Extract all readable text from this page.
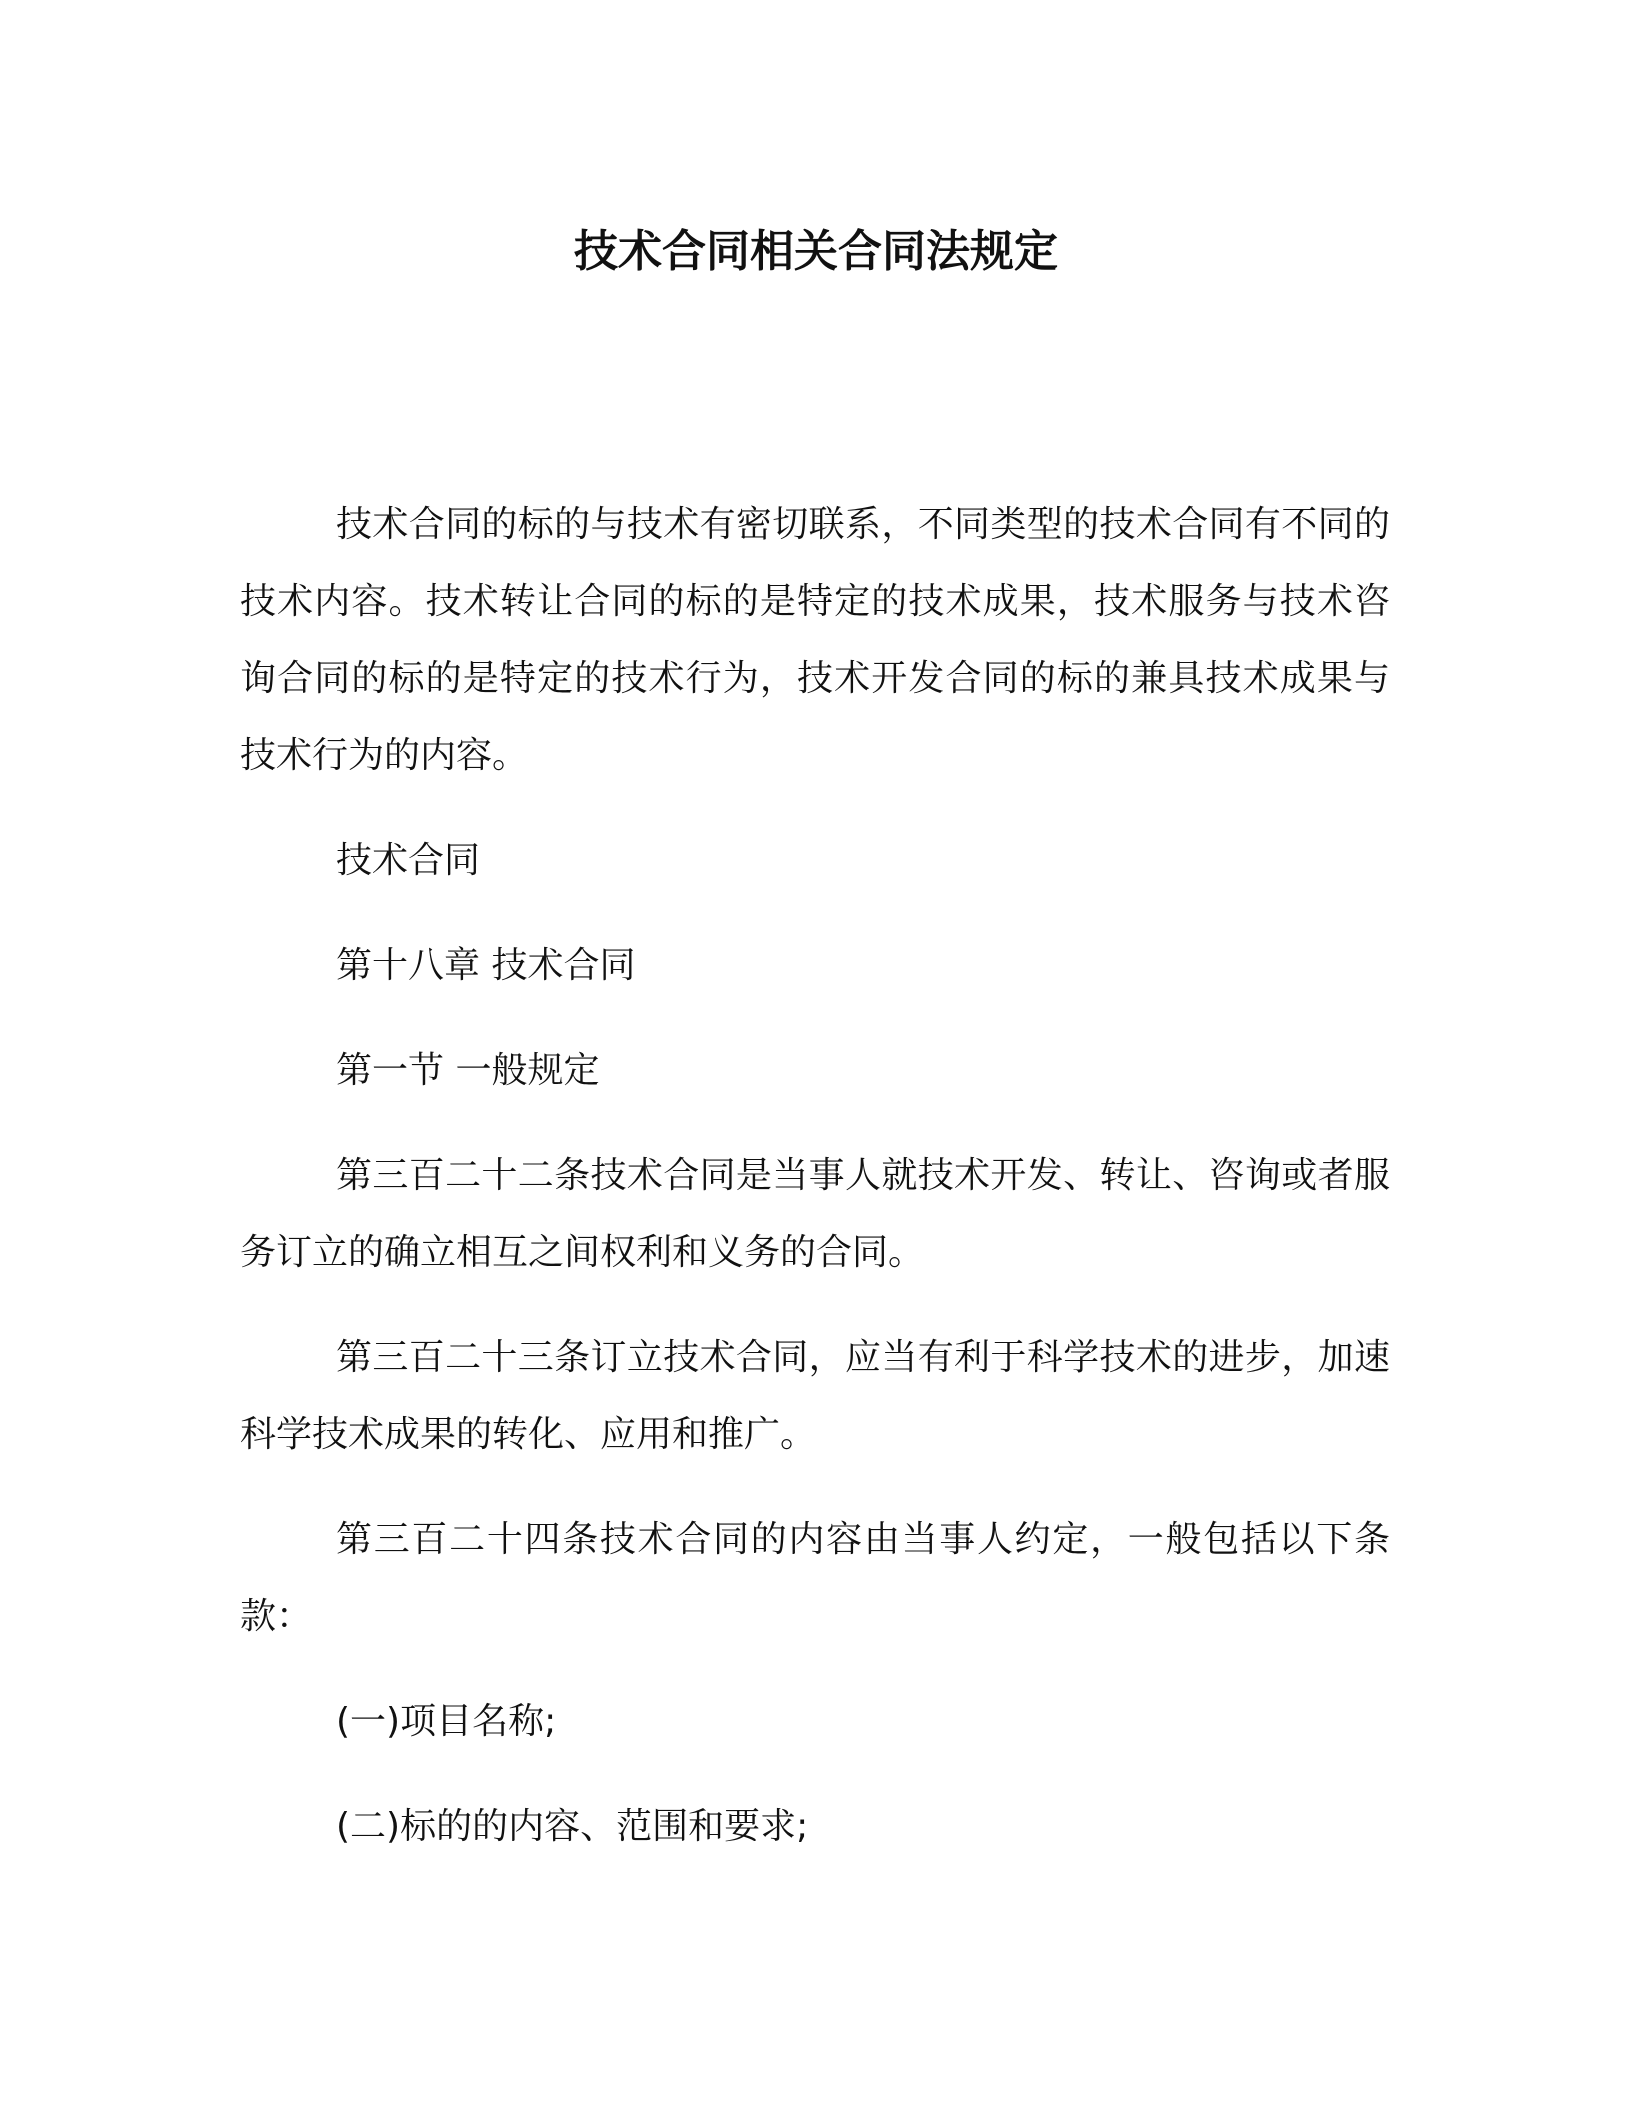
技术合同相关合同法规定

技术合同的标的与技术有密切联系，不同类型的技术合同有不同的技术内容。技术转让合同的标的是特定的技术成果，技术服务与技术咨询合同的标的是特定的技术行为，技术开发合同的标的兼具技术成果与技术行为的内容。

技术合同

第十八章 技术合同

第一节 一般规定

第三百二十二条技术合同是当事人就技术开发、转让、咨询或者服务订立的确立相互之间权利和义务的合同。

第三百二十三条订立技术合同，应当有利于科学技术的进步，加速科学技术成果的转化、应用和推广。

第三百二十四条技术合同的内容由当事人约定，一般包括以下条款：

(一)项目名称;

(二)标的的内容、范围和要求;
